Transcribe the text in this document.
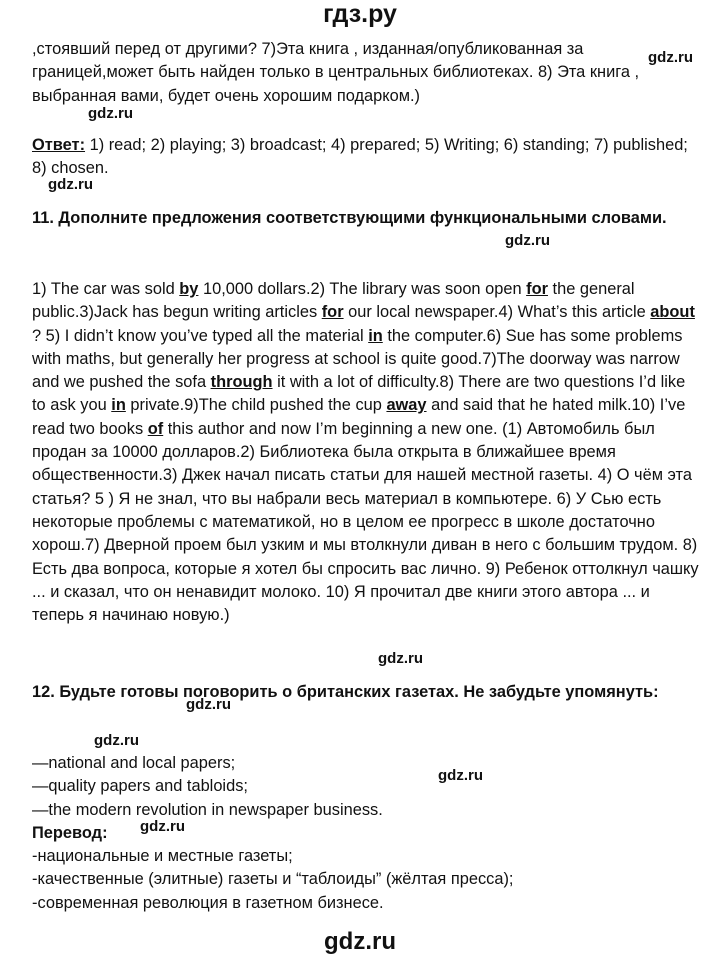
гдз.ру

,стоявший перед от другими? 7)Эта книга , изданная/опубликованная за границей,может быть найден только в центральных библиотеках. 8) Эта книга , выбранная вами, будет очень хорошим подарком.)

Ответ: 1) read; 2) playing; 3) broadcast; 4) prepared; 5) Writing; 6) standing; 7) published; 8) chosen.

11. Дополните предложения соответствующими функциональными словами.

1) The car was sold by 10,000 dollars.2) The library was soon open for the general public.3)Jack has begun writing articles for our local newspaper.4) What’s this article about ? 5) I didn’t know you’ve typed all the material in the computer.6) Sue has some problems with maths, but generally her progress at school is quite good.7)The doorway was narrow and we pushed the sofa through it with a lot of difficulty.8) There are two questions I’d like to ask you in private.9)The child pushed the cup away and said that he hated milk.10) I’ve read two books of this author and now I’m beginning a new one. (1) Автомобиль был продан за 10000 долларов.2) Библиотека была открыта в ближайшее время общественности.3) Джек начал писать статьи для нашей местной газеты. 4) О чём эта статья? 5 ) Я не знал, что вы набрали весь материал в компьютере. 6) У Сью есть некоторые проблемы с математикой, но в целом ее прогресс в школе достаточно хорош.7) Дверной проем был узким и мы втолкнули диван в него с большим трудом. 8) Есть два вопроса, которые я хотел бы спросить вас лично. 9) Ребенок оттолкнул чашку ... и сказал, что он ненавидит молоко. 10) Я прочитал две книги этого автора ... и теперь я начинаю новую.)

12. Будьте готовы поговорить о британских газетах. Не забудьте упомянуть:

—national and local papers;

—quality papers and tabloids;

—the modern revolution in newspaper business.

Перевод:

-национальные и местные газеты;

-качественные (элитные) газеты и “таблоиды” (жёлтая пресса);

-современная революция в газетном бизнесе.

gdz.ru
gdz.ru
gdz.ru
gdz.ru
gdz.ru
gdz.ru
gdz.ru
gdz.ru
gdz.ru
gdz.ru
